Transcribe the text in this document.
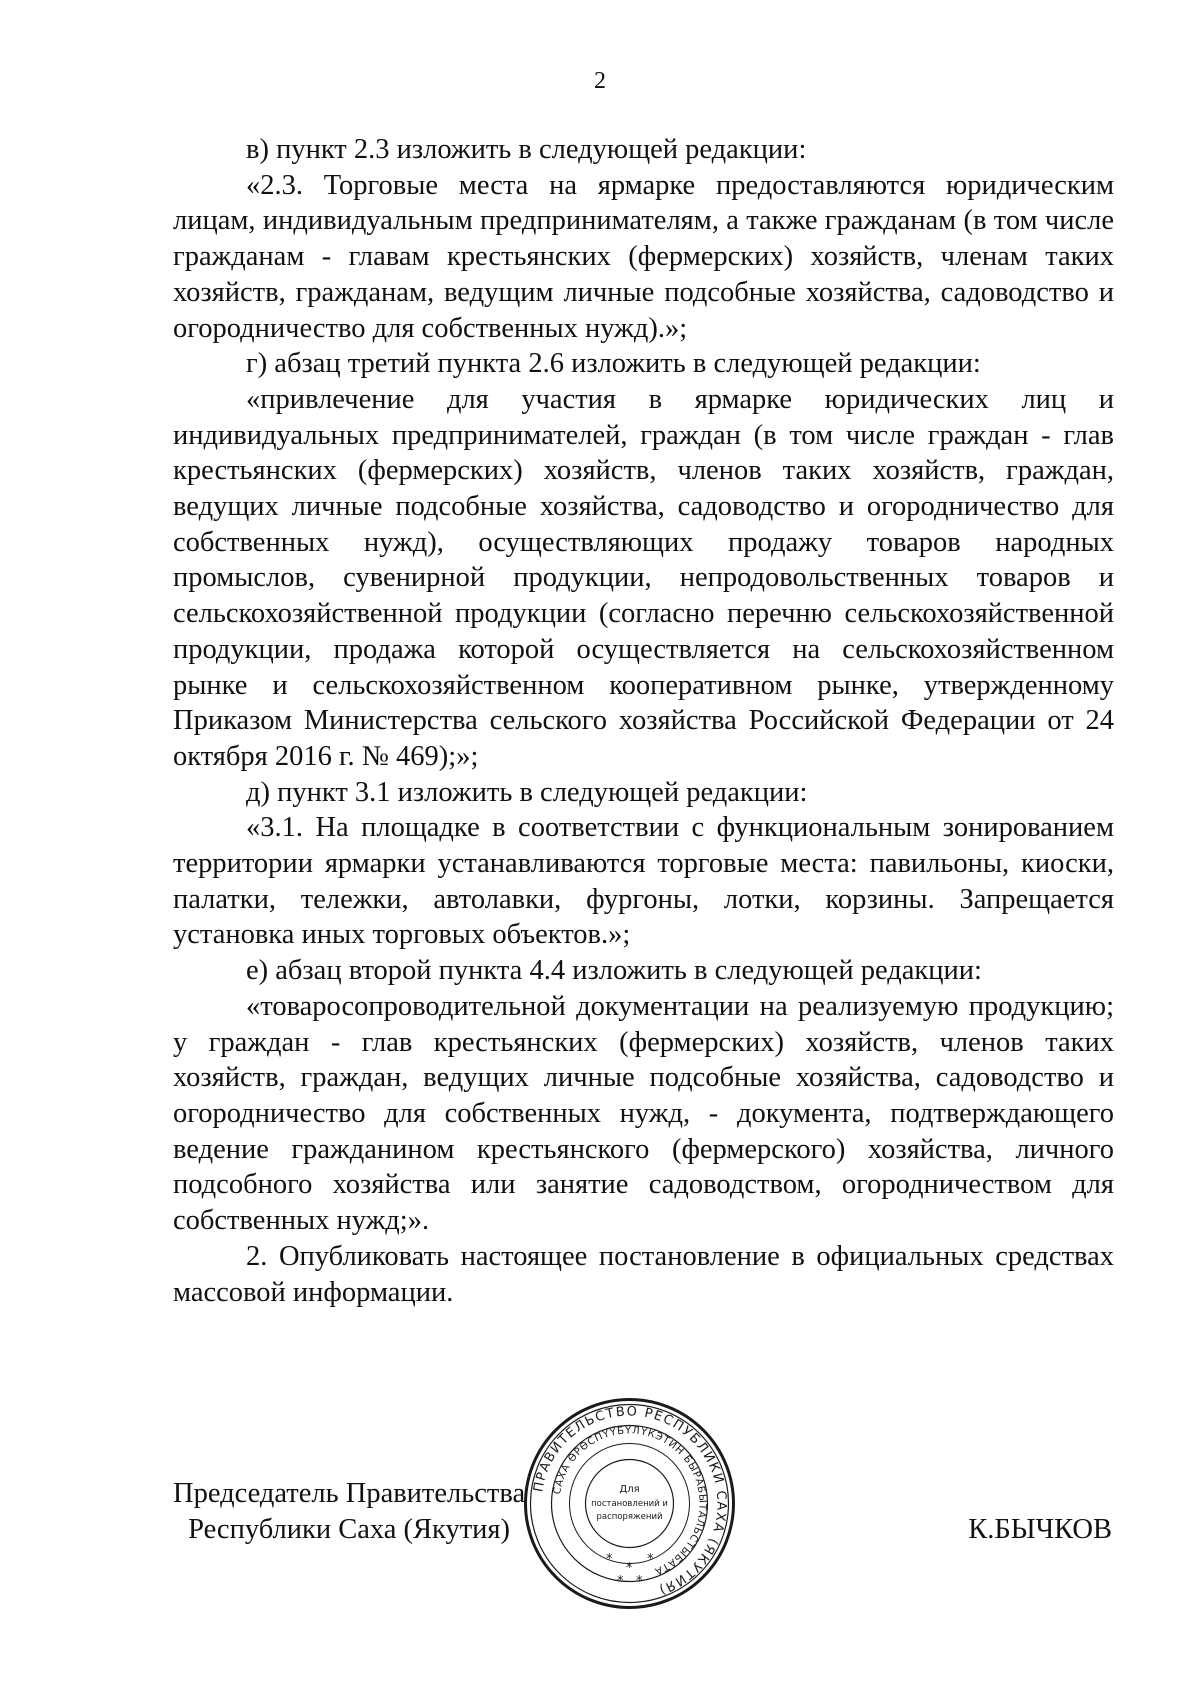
2

в) пункт 2.3 изложить в следующей редакции:

«2.3. Торговые места на ярмарке предоставляются юридическим лицам, индивидуальным предпринимателям, а также гражданам (в том числе гражданам - главам крестьянских (фермерских) хозяйств, членам таких хозяйств, гражданам, ведущим личные подсобные хозяйства, садоводство и огородничество для собственных нужд).»;

г) абзац третий пункта 2.6 изложить в следующей редакции:

«привлечение для участия в ярмарке юридических лиц и индивидуальных предпринимателей, граждан (в том числе граждан - глав крестьянских (фермерских) хозяйств, членов таких хозяйств, граждан, ведущих личные подсобные хозяйства, садоводство и огородничество для собственных нужд), осуществляющих продажу товаров народных промыслов, сувенирной продукции, непродовольственных товаров и сельскохозяйственной продукции (согласно перечню сельскохозяйственной продукции, продажа которой осуществляется на сельскохозяйственном рынке и сельскохозяйственном кооперативном рынке, утвержденному Приказом Министерства сельского хозяйства Российской Федерации от 24 октября 2016 г. № 469);»;

д) пункт 3.1 изложить в следующей редакции:

«3.1. На площадке в соответствии с функциональным зонированием территории ярмарки устанавливаются торговые места: павильоны, киоски, палатки, тележки, автолавки, фургоны, лотки, корзины. Запрещается установка иных торговых объектов.»;

е) абзац второй пункта 4.4 изложить в следующей редакции:

«товаросопроводительной документации на реализуемую продукцию; у граждан - глав крестьянских (фермерских) хозяйств, членов таких хозяйств, граждан, ведущих личные подсобные хозяйства, садоводство и огородничество для собственных нужд, - документа, подтверждающего ведение гражданином крестьянского (фермерского) хозяйства, личного подсобного хозяйства или занятие садоводством, огородничеством для собственных нужд;».

2. Опубликовать настоящее постановление в официальных средствах массовой информации.

Председатель Правительства
Республики Саха (Якутия)	К.БЫЧКОВ
ПРАВИТЕЛЬСТВО РЕСПУБЛИКИ САХА (ЯКУТИЯ)
САХА ӨРӨСПҮҮБҮЛҮКЭТИН БЫРАБЫТАЛЬСТЫБАТА
Для
постановлений и
распоряжений
*
*
*
* *
